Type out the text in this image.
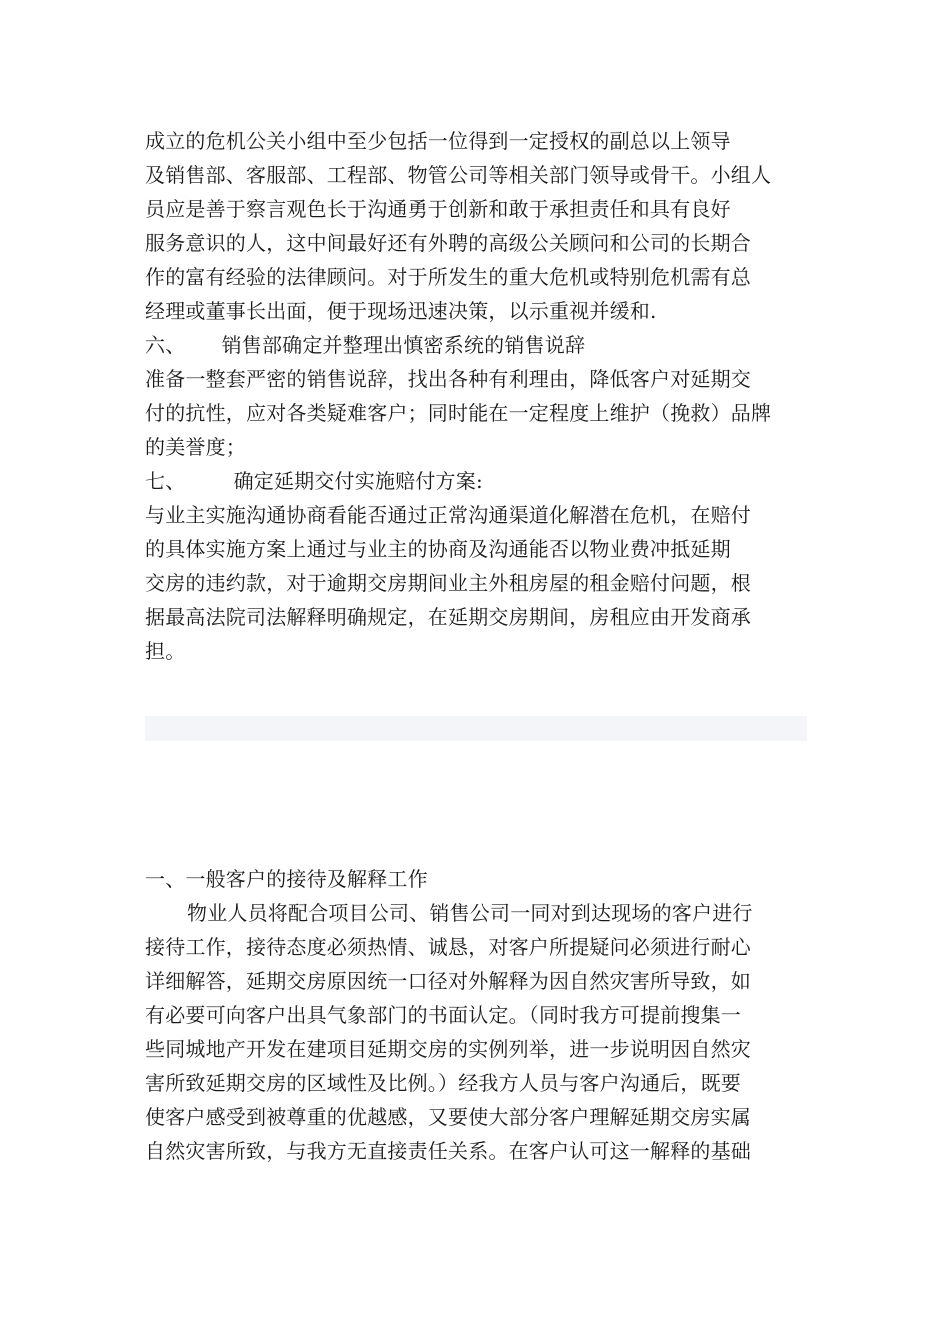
成立的危机公关小组中至少包括一位得到一定授权的副总以上领导
及销售部、客服部、工程部、物管公司等相关部门领导或骨干。小组人
员应是善于察言观色长于沟通勇于创新和敢于承担责任和具有良好
服务意识的人，这中间最好还有外聘的高级公关顾问和公司的长期合
作的富有经验的法律顾问。对于所发生的重大危机或特别危机需有总
经理或董事长出面，便于现场迅速决策，以示重视并缓和.
六、 销售部确定并整理出慎密系统的销售说辞
准备一整套严密的销售说辞，找出各种有利理由，降低客户对延期交
付的抗性，应对各类疑难客户；同时能在一定程度上维护（挽救）品牌
的美誉度；
七、 确定延期交付实施赔付方案:
与业主实施沟通协商看能否通过正常沟通渠道化解潜在危机，在赔付
的具体实施方案上通过与业主的协商及沟通能否以物业费冲抵延期
交房的违约款，对于逾期交房期间业主外租房屋的租金赔付问题，根
据最高法院司法解释明确规定，在延期交房期间，房租应由开发商承
担。
一、一般客户的接待及解释工作
物业人员将配合项目公司、销售公司一同对到达现场的客户进行
接待工作，接待态度必须热情、诚恳，对客户所提疑问必须进行耐心
详细解答，延期交房原因统一口径对外解释为因自然灾害所导致，如
有必要可向客户出具气象部门的书面认定。（同时我方可提前搜集一
些同城地产开发在建项目延期交房的实例列举，进一步说明因自然灾
害所致延期交房的区域性及比例。）经我方人员与客户沟通后，既要
使客户感受到被尊重的优越感，又要使大部分客户理解延期交房实属
自然灾害所致，与我方无直接责任关系。在客户认可这一解释的基础
